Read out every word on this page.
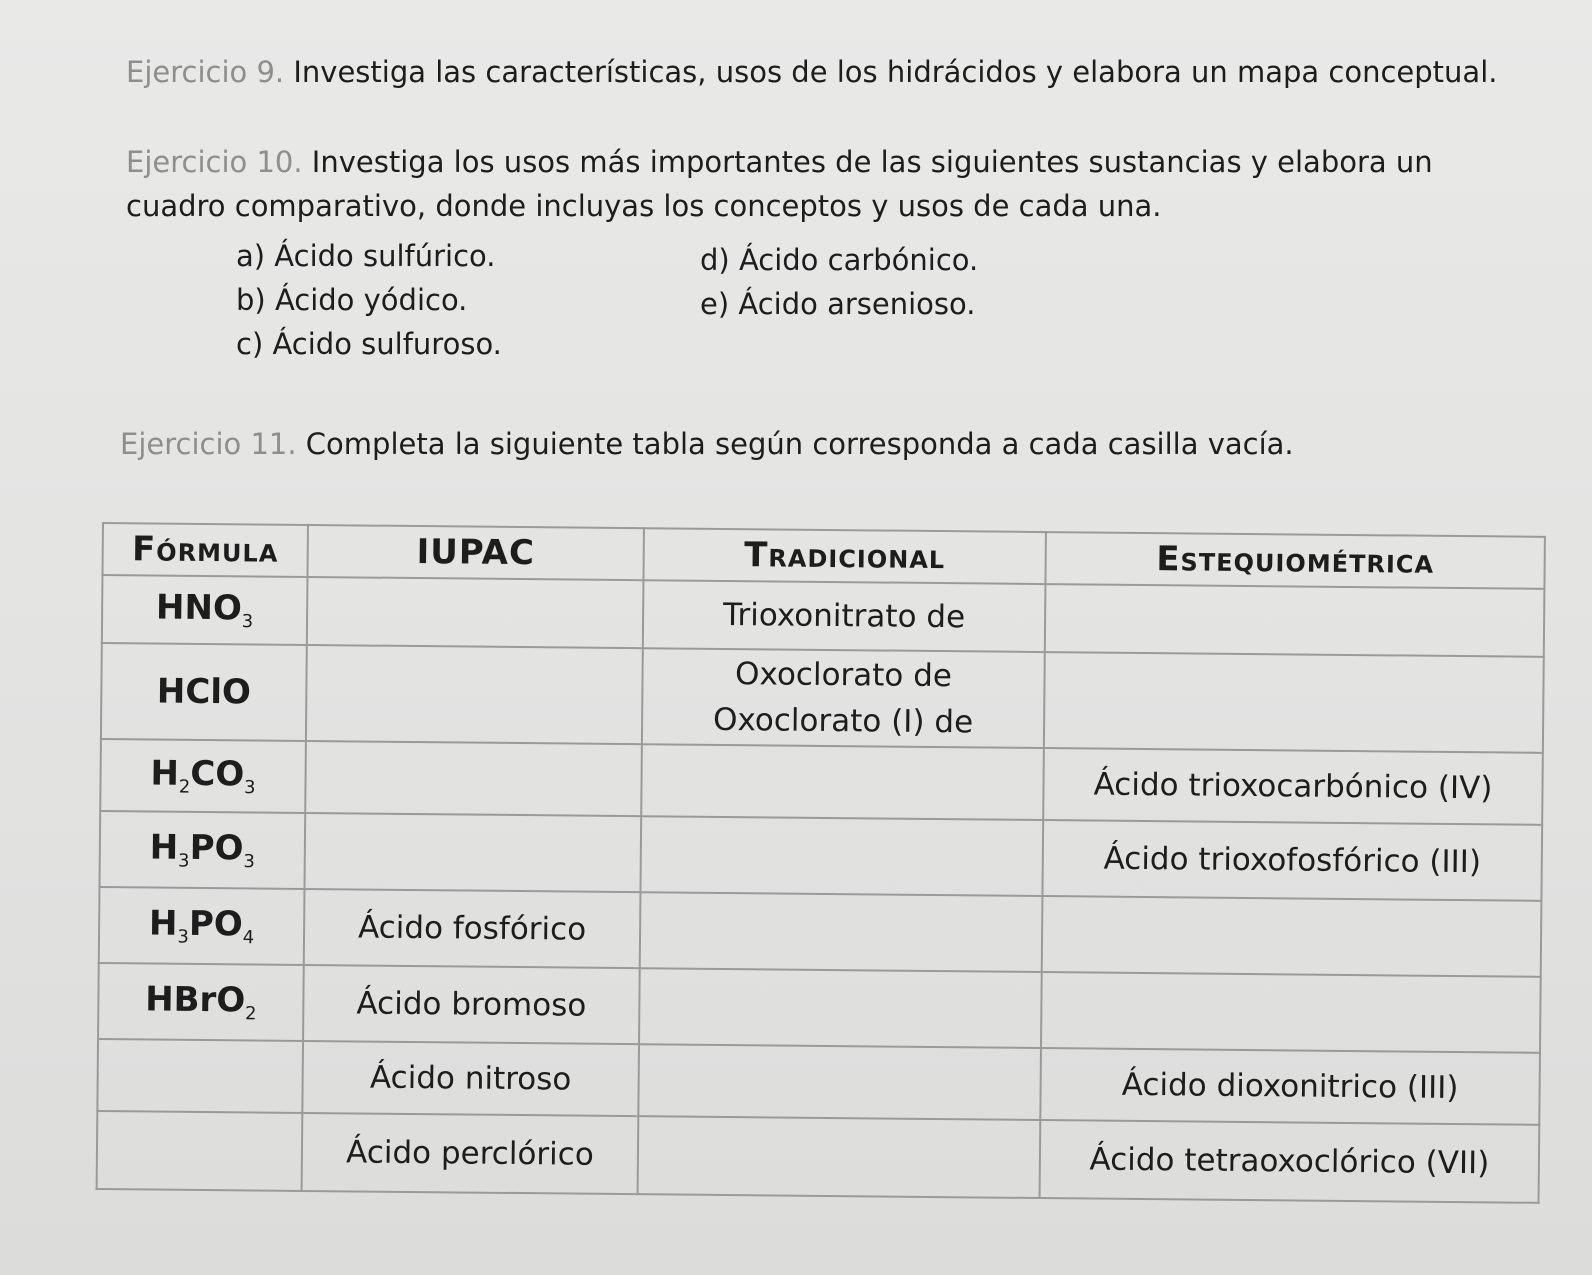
Ejercicio 9. Investiga las características, usos de los hidrácidos y elabora un mapa conceptual.
Ejercicio 10. Investiga los usos más importantes de las siguientes sustancias y elabora un cuadro comparativo, donde incluyas los conceptos y usos de cada una.
a) Ácido sulfúrico.
b) Ácido yódico.
c) Ácido sulfuroso.
d) Ácido carbónico.
e) Ácido arsenioso.
Ejercicio 11. Completa la siguiente tabla según corresponda a cada casilla vacía.
Fórmula	IUPAC	Tradicional	Estequiométrica
$HNO_3$		Trioxonitrato de	
HClO		Oxoclorato de
Oxoclorato (I) de	

$H_2CO_3$			Ácido trioxocarbónico (IV)
$H_3PO_3$			Ácido trioxofosfórico (III)
$H_3PO_4$	Ácido fosfórico		
HBrO$_2$	Ácido bromoso		
	Ácido nitroso		Ácido dioxonitrico (III)
	Ácido perclórico		Ácido tetraoxoclórico (VII)
